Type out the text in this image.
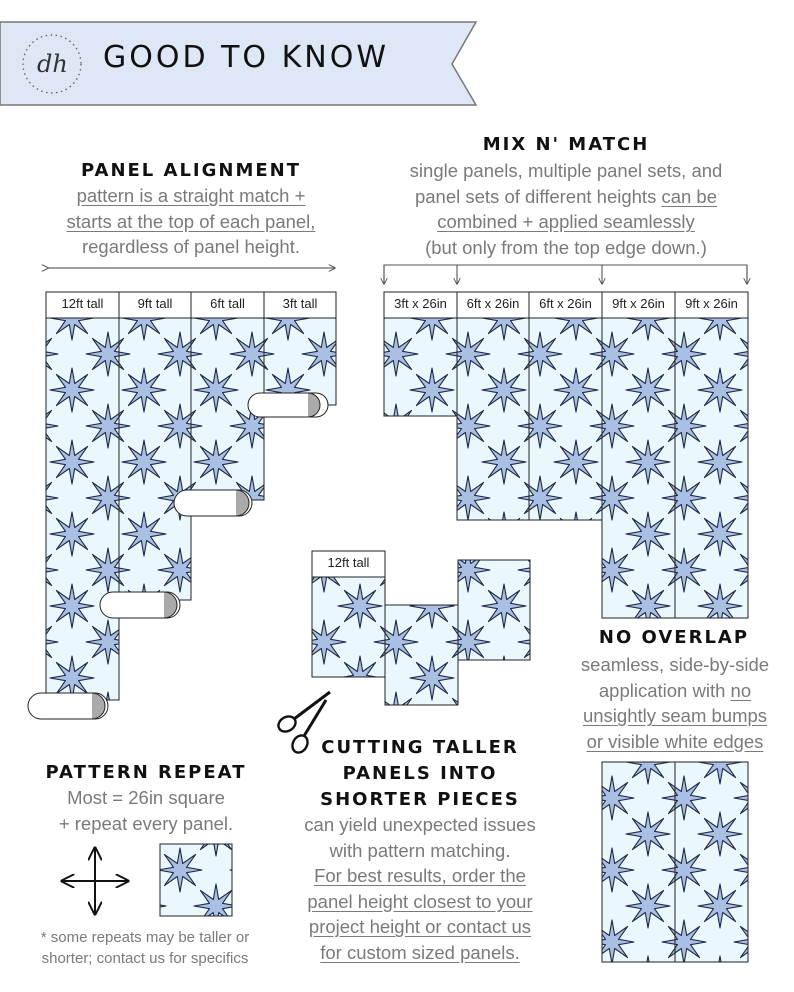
dh GOOD TO KNOW
PANEL ALIGNMENT
pattern is a straight match +
starts at the top of each panel,
regardless of panel height.
12ft tall	9ft tall	6ft tall	3ft tall
MIX N' MATCH
single panels, multiple panel sets, and
panel sets of different heights can be
combined + applied seamlessly
(but only from the top edge down.)
3ft x 26in	6ft x 26in	6ft x 26in	9ft x 26in	9ft x 26in
12ft tall
CUTTING TALLER
PANELS INTO
SHORTER PIECES
can yield unexpected issues
with pattern matching.
For best results, order the
panel height closest to your
project height or contact us
for custom sized panels.
NO OVERLAP
seamless, side-by-side
application with no
unsightly seam bumps
or visible white edges
PATTERN REPEAT
Most = 26in square
+ repeat every panel.
* some repeats may be taller or
shorter; contact us for specifics
